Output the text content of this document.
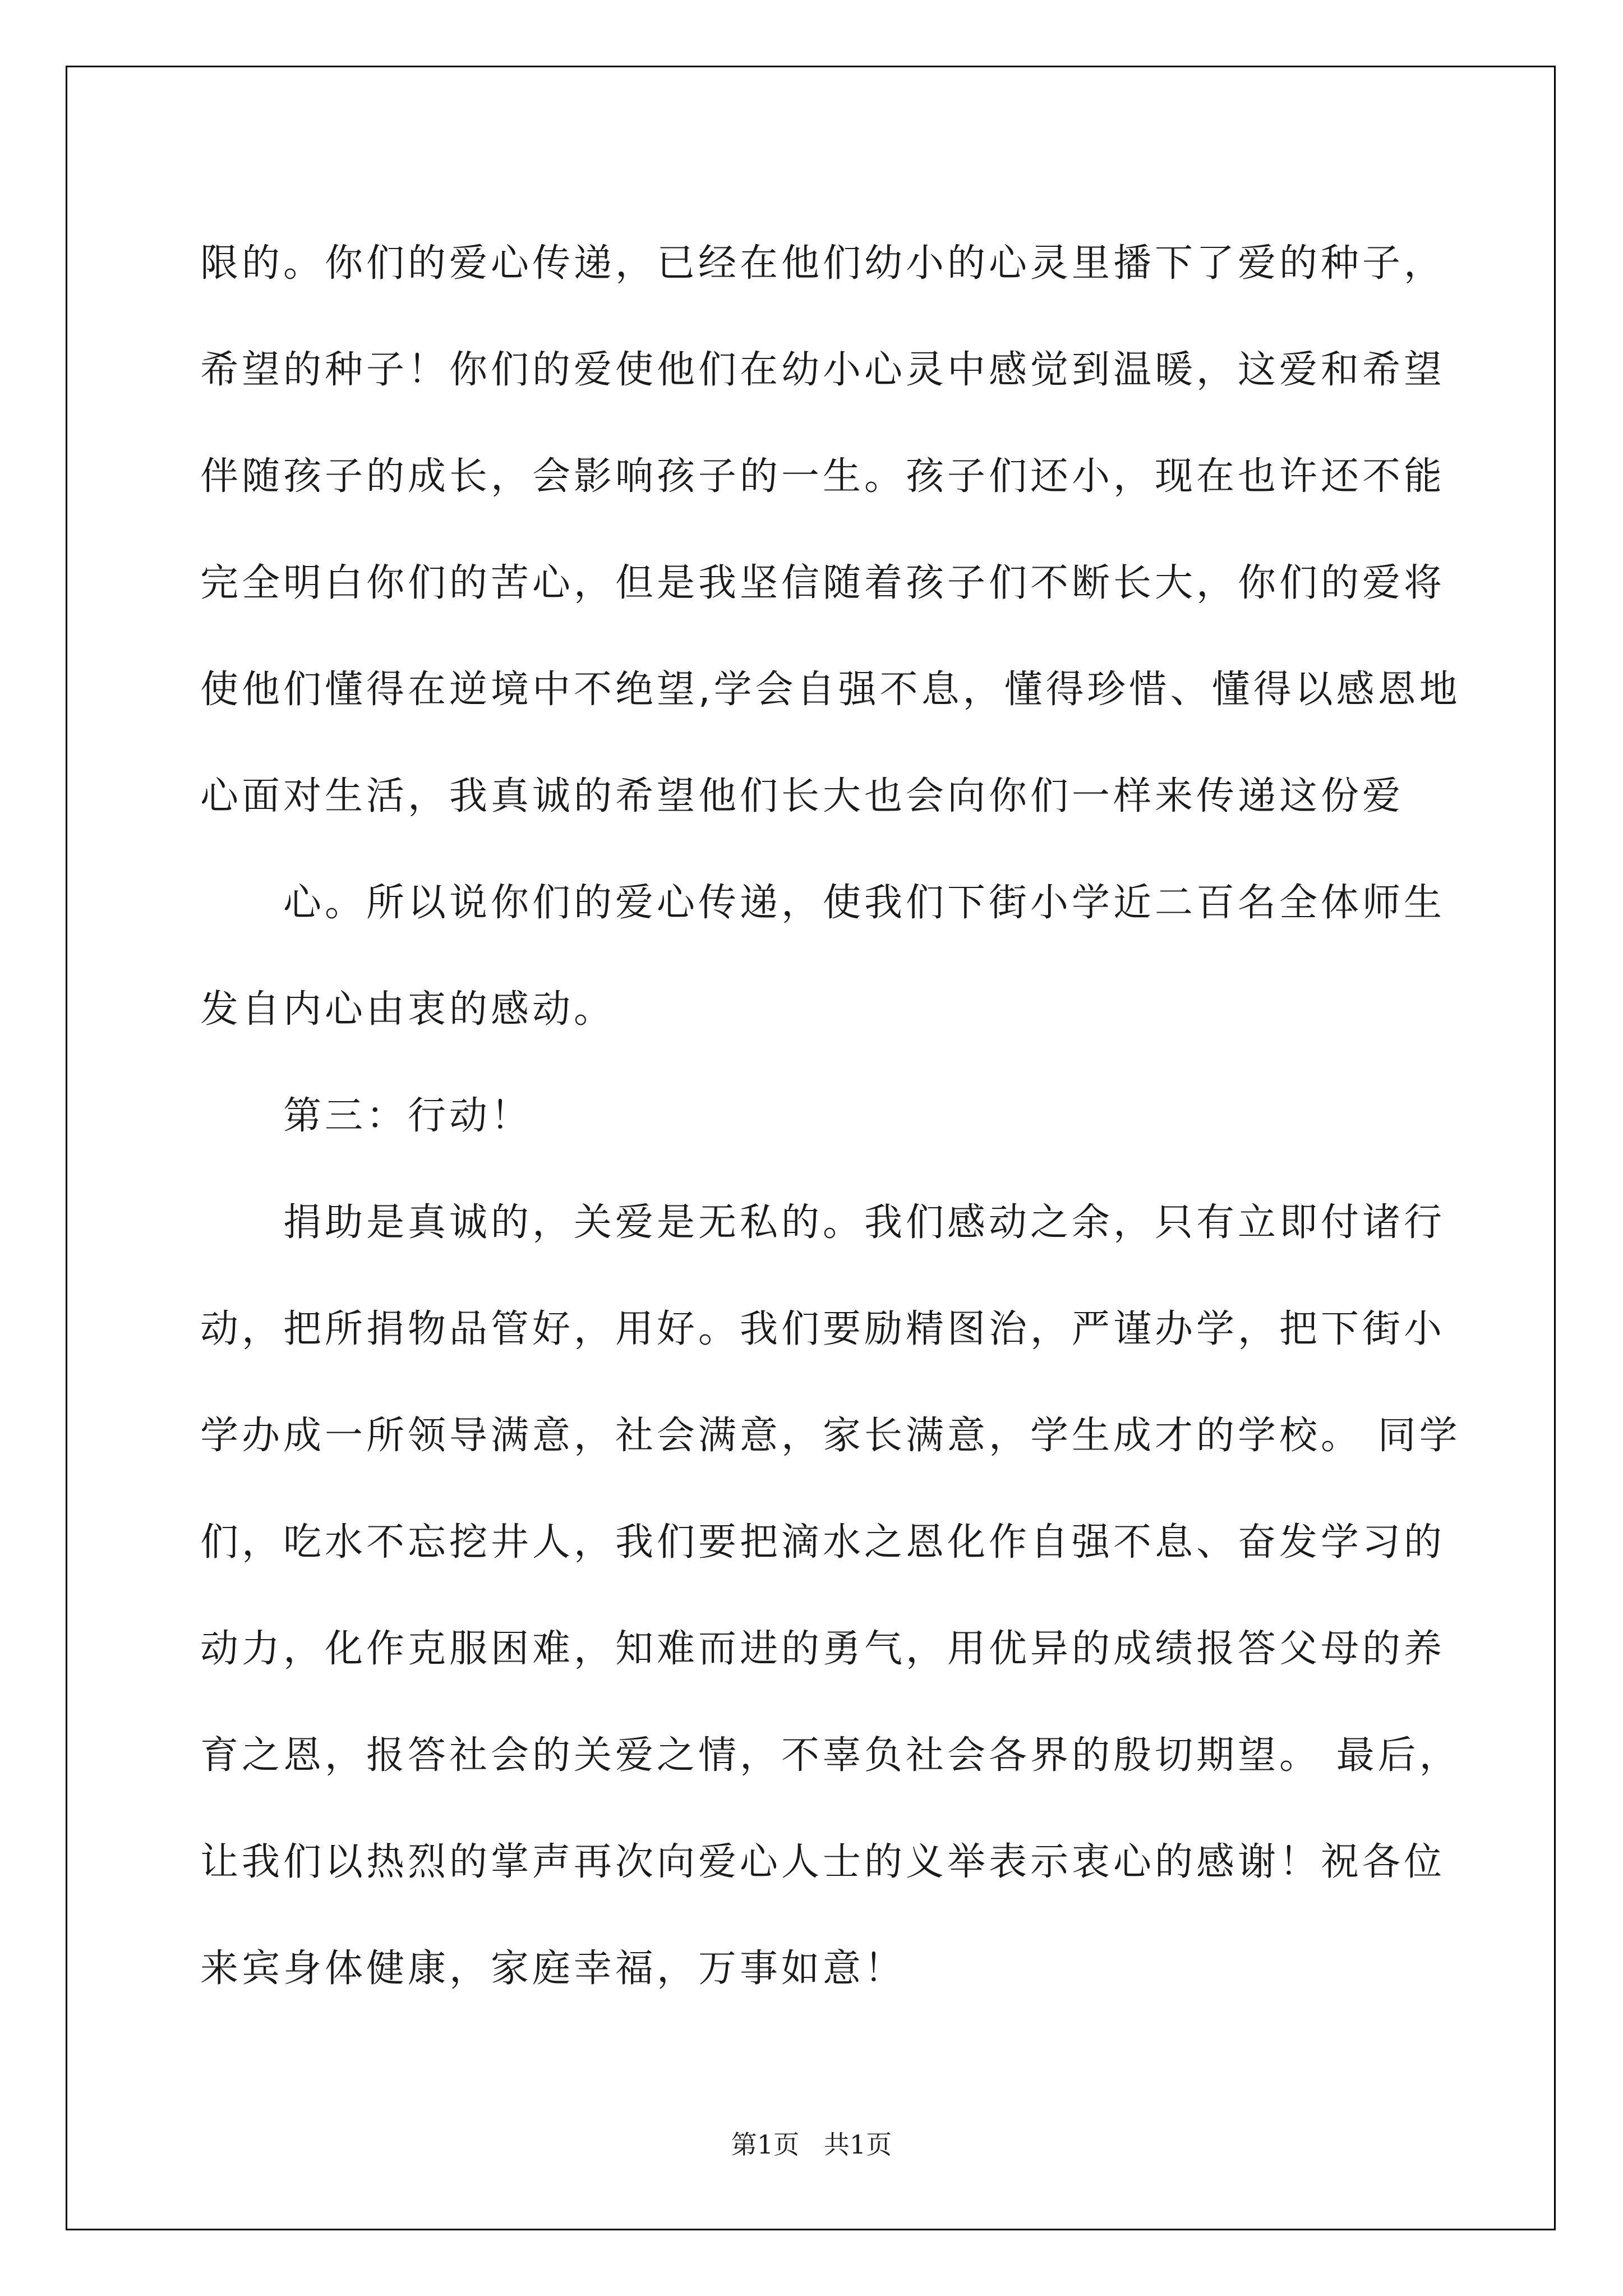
限的。你们的爱心传递，已经在他们幼小的心灵里播下了爱的种子，
希望的种子！你们的爱使他们在幼小心灵中感觉到温暖，这爱和希望
伴随孩子的成长，会影响孩子的一生。孩子们还小，现在也许还不能
完全明白你们的苦心，但是我坚信随着孩子们不断长大，你们的爱将
使他们懂得在逆境中不绝望,学会自强不息，懂得珍惜、懂得以感恩地
心面对生活，我真诚的希望他们长大也会向你们一样来传递这份爱
心。所以说你们的爱心传递，使我们下街小学近二百名全体师生
发自内心由衷的感动。
第三：行动！
捐助是真诚的，关爱是无私的。我们感动之余，只有立即付诸行
动，把所捐物品管好，用好。我们要励精图治，严谨办学，把下街小
学办成一所领导满意，社会满意，家长满意，学生成才的学校。 同学
们，吃水不忘挖井人，我们要把滴水之恩化作自强不息、奋发学习的
动力，化作克服困难，知难而进的勇气，用优异的成绩报答父母的养
育之恩，报答社会的关爱之情，不辜负社会各界的殷切期望。 最后，
让我们以热烈的掌声再次向爱心人士的义举表示衷心的感谢！祝各位
来宾身体健康，家庭幸福，万事如意！
第1页   共1页
